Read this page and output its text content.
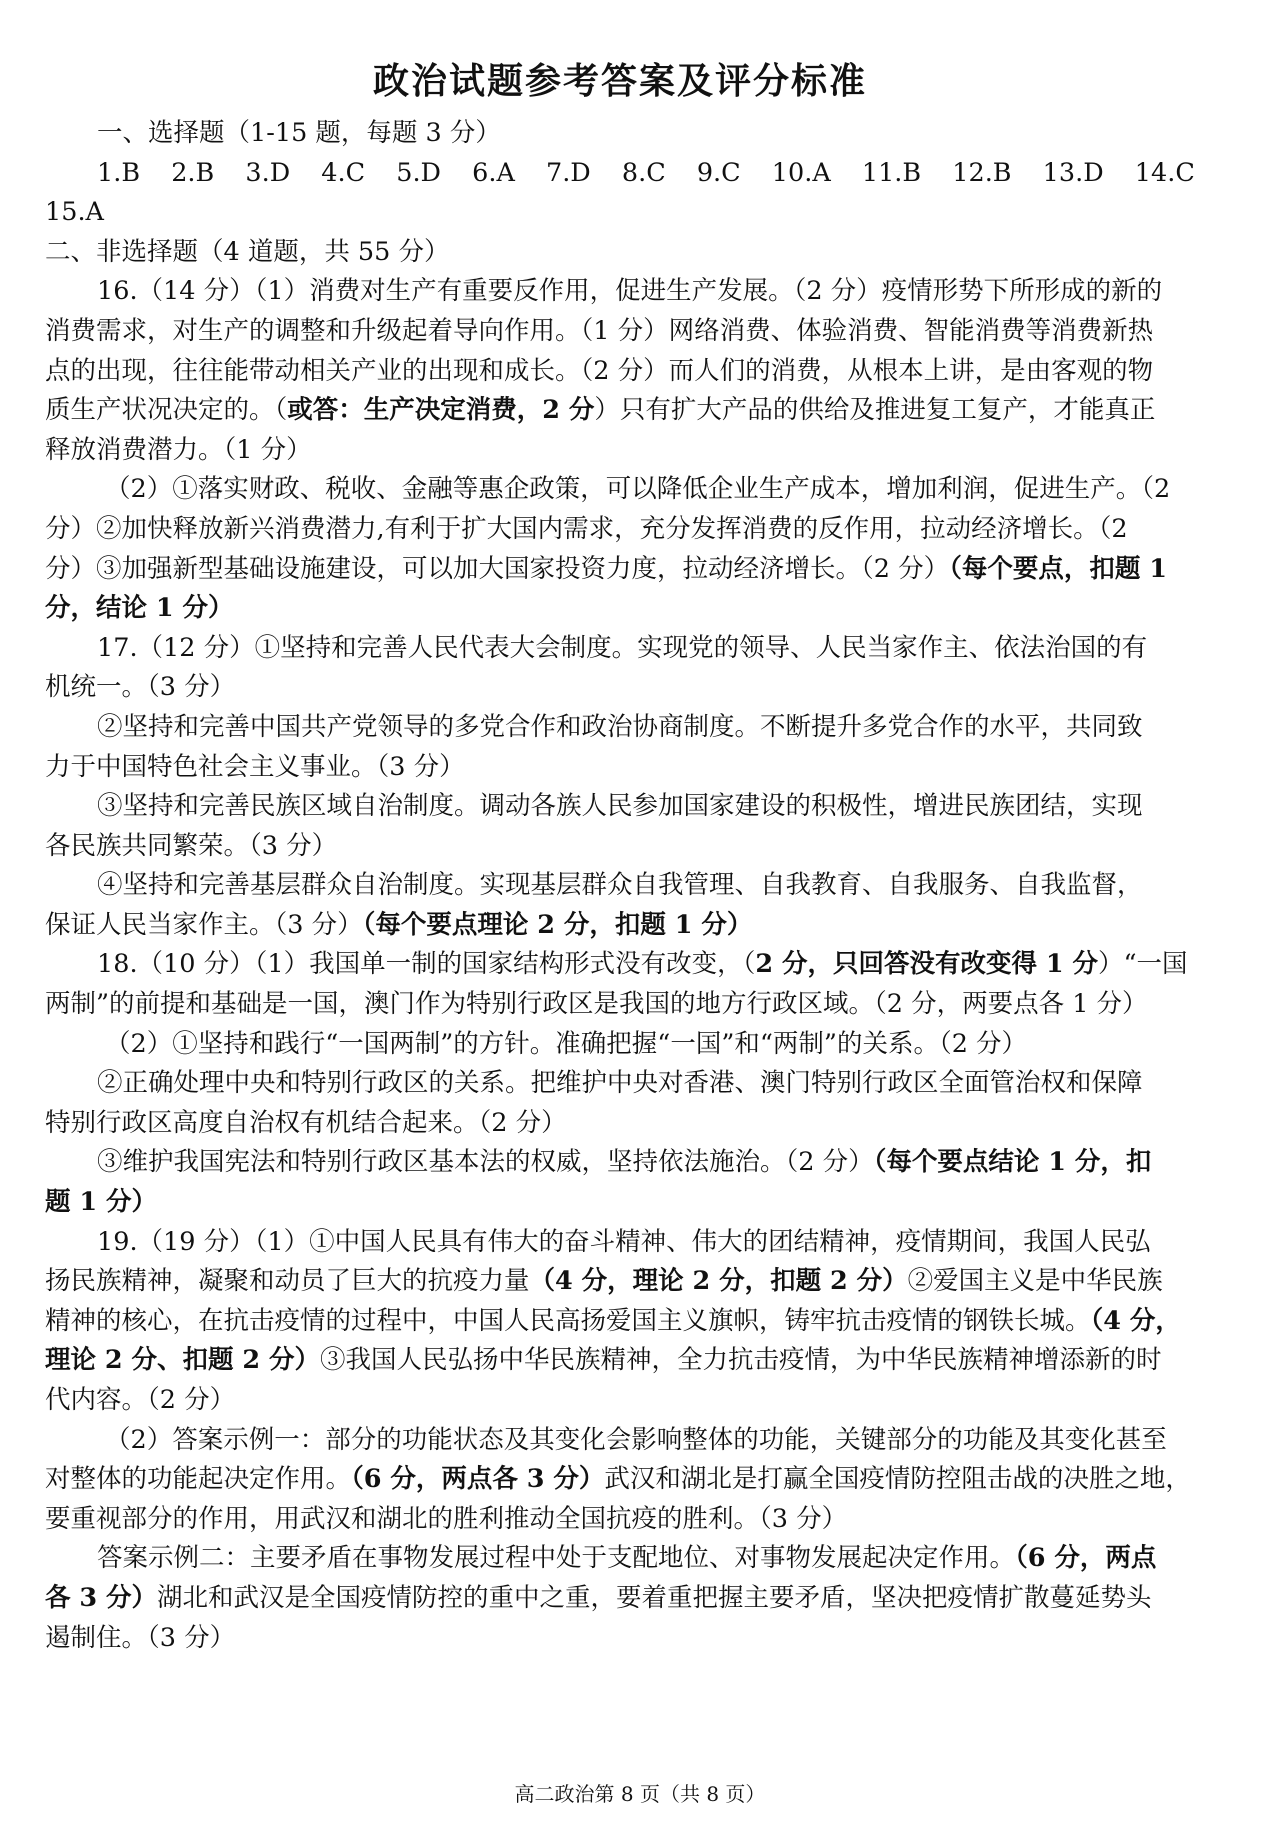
政治试题参考答案及评分标准
一、选择题（1-15 题，每题 3 分）
1.B 2.B 3.D 4.C 5.D 6.A 7.D 8.C 9.C 10.A 11.B 12.B 13.D 14.C
15.A
二、非选择题（4 道题，共 55 分）
16.（14 分）（1）消费对生产有重要反作用，促进生产发展。（2 分）疫情形势下所形成的新的
消费需求，对生产的调整和升级起着导向作用。（1 分）网络消费、体验消费、智能消费等消费新热
点的出现，往往能带动相关产业的出现和成长。（2 分）而人们的消费，从根本上讲，是由客观的物
质生产状况决定的。（或答：生产决定消费，2 分）只有扩大产品的供给及推进复工复产，才能真正
释放消费潜力。（1 分）
（2）①落实财政、税收、金融等惠企政策，可以降低企业生产成本，增加利润，促进生产。（2
分）②加快释放新兴消费潜力,有利于扩大国内需求，充分发挥消费的反作用，拉动经济增长。（2
分）③加强新型基础设施建设，可以加大国家投资力度，拉动经济增长。（2 分）（每个要点，扣题 1
分，结论 1 分）
17.（12 分）①坚持和完善人民代表大会制度。实现党的领导、人民当家作主、依法治国的有
机统一。（3 分）
②坚持和完善中国共产党领导的多党合作和政治协商制度。不断提升多党合作的水平，共同致
力于中国特色社会主义事业。（3 分）
③坚持和完善民族区域自治制度。调动各族人民参加国家建设的积极性，增进民族团结，实现
各民族共同繁荣。（3 分）
④坚持和完善基层群众自治制度。实现基层群众自我管理、自我教育、自我服务、自我监督，
保证人民当家作主。（3 分）（每个要点理论 2 分，扣题 1 分）
18.（10 分）（1）我国单一制的国家结构形式没有改变，（2 分，只回答没有改变得 1 分）“一国
两制”的前提和基础是一国，澳门作为特别行政区是我国的地方行政区域。（2 分，两要点各 1 分）
（2）①坚持和践行“一国两制”的方针。准确把握“一国”和“两制”的关系。（2 分）
②正确处理中央和特别行政区的关系。把维护中央对香港、澳门特别行政区全面管治权和保障
特别行政区高度自治权有机结合起来。（2 分）
③维护我国宪法和特别行政区基本法的权威，坚持依法施治。（2 分）（每个要点结论 1 分，扣
题 1 分）
19.（19 分）（1）①中国人民具有伟大的奋斗精神、伟大的团结精神，疫情期间，我国人民弘
扬民族精神，凝聚和动员了巨大的抗疫力量（4 分，理论 2 分，扣题 2 分）②爱国主义是中华民族
精神的核心，在抗击疫情的过程中，中国人民高扬爱国主义旗帜，铸牢抗击疫情的钢铁长城。（4 分，
理论 2 分、扣题 2 分）③我国人民弘扬中华民族精神，全力抗击疫情，为中华民族精神增添新的时
代内容。（2 分）
（2）答案示例一：部分的功能状态及其变化会影响整体的功能，关键部分的功能及其变化甚至
对整体的功能起决定作用。（6 分，两点各 3 分）武汉和湖北是打赢全国疫情防控阻击战的决胜之地，
要重视部分的作用，用武汉和湖北的胜利推动全国抗疫的胜利。（3 分）
答案示例二：主要矛盾在事物发展过程中处于支配地位、对事物发展起决定作用。（6 分，两点
各 3 分）湖北和武汉是全国疫情防控的重中之重，要着重把握主要矛盾，坚决把疫情扩散蔓延势头
遏制住。（3 分）
高二政治第 8 页（共 8 页）
